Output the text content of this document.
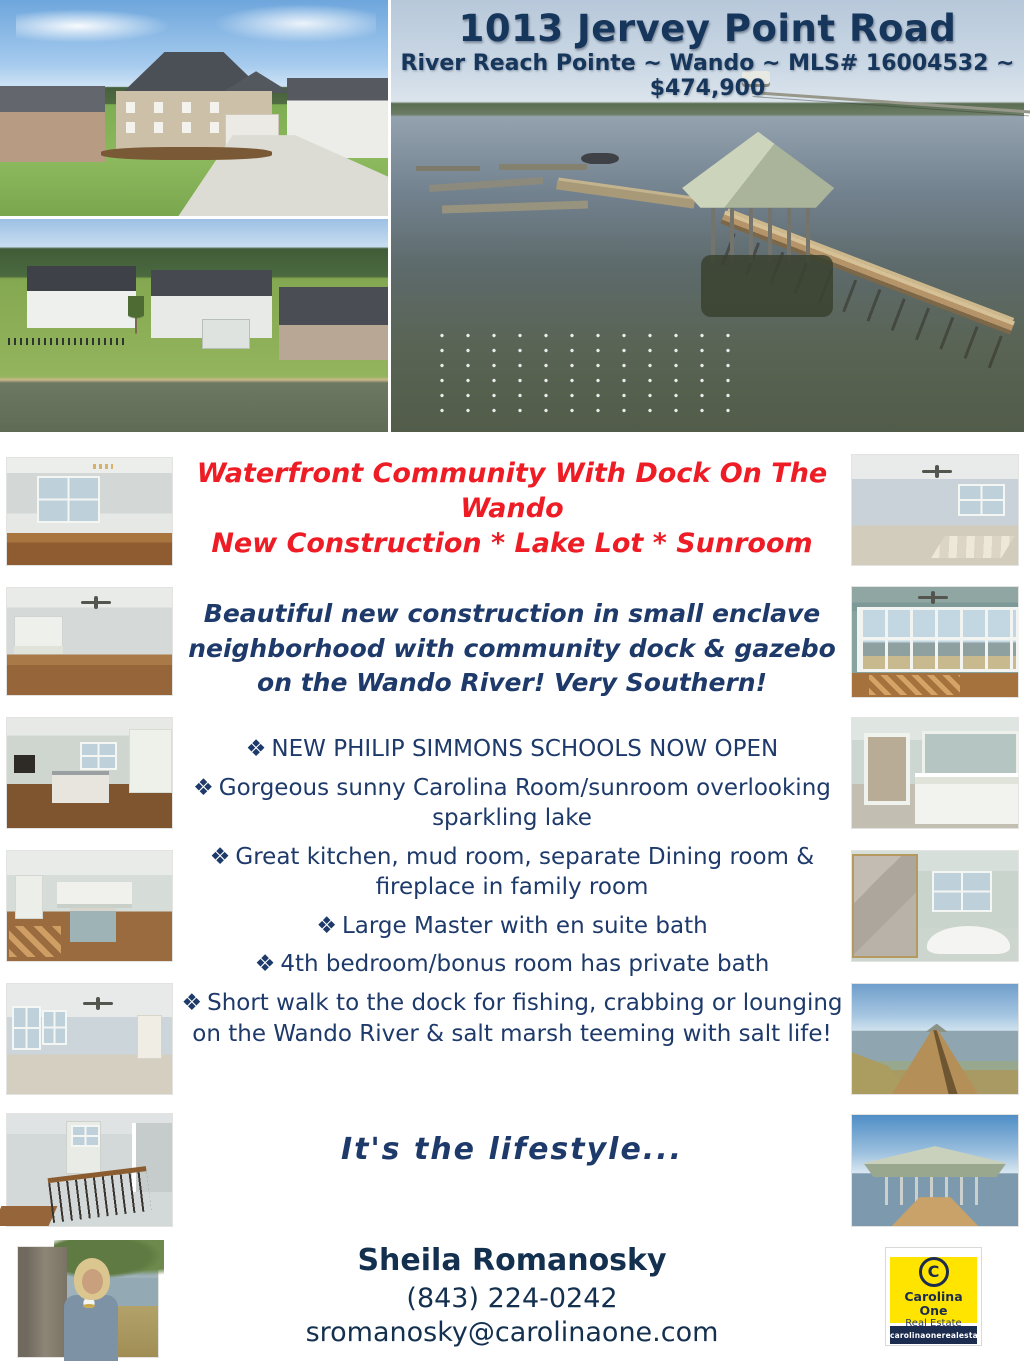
1013 Jervey Point Road
River Reach Pointe ~ Wando ~ MLS# 16004532 ~ $474,900
Waterfront Community With Dock On The Wando
New Construction * Lake Lot * Sunroom
Beautiful new construction in small enclave neighborhood with community dock & gazebo on the Wando River! Very Southern!
❖ NEW PHILIP SIMMONS SCHOOLS NOW OPEN
❖ Gorgeous sunny Carolina Room/sunroom overlooking sparkling lake
❖ Great kitchen, mud room, separate Dining room & fireplace in family room
❖ Large Master with en suite bath
❖ 4th bedroom/bonus room has private bath
❖ Short walk to the dock for fishing, crabbing or lounging on the Wando River & salt marsh teeming with salt life!
It's the lifestyle...
Sheila Romanosky
(843) 224-0242
sromanosky@carolinaone.com
C
Carolina One
Real Estate
carolinaonerealestate.com
